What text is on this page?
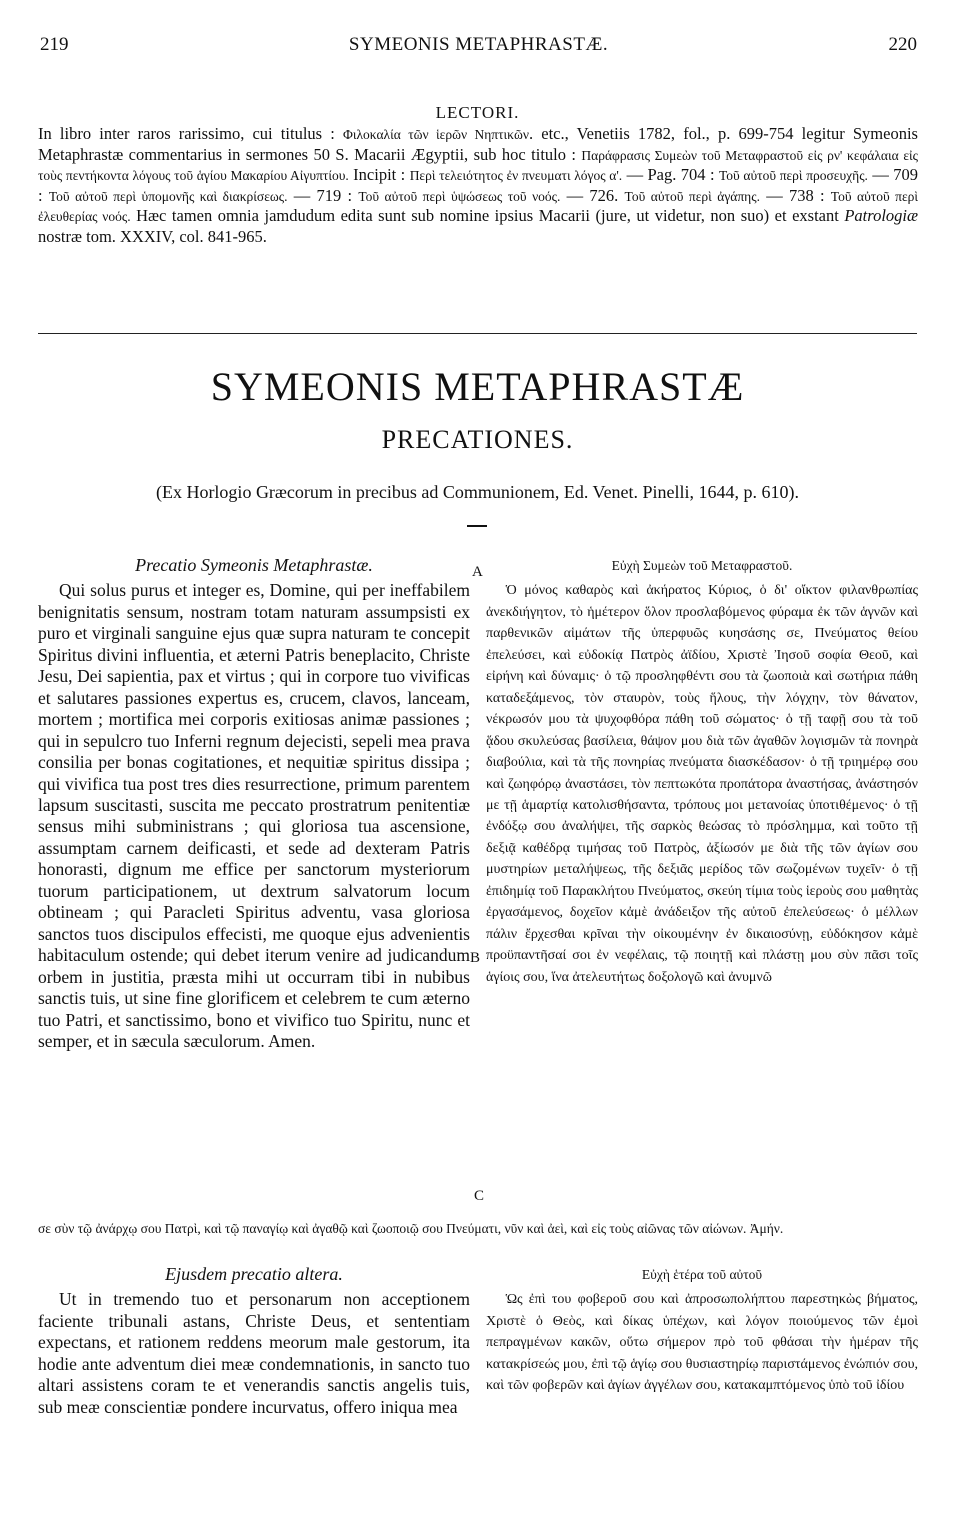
219	SYMEONIS METAPHRASTÆ.	220
LECTORI.

In libro inter raros rarissimo, cui titulus : Φιλοκαλία τῶν ἱερῶν Νηπτικῶν. etc., Venetiis 1782, fol., p. 699-754 legitur Symeonis Metaphrastæ commentarius in sermones 50 S. Macarii Ægyptii, sub hoc titulo : Παράφρασις Συμεὼν τοῦ Μεταφραστοῦ εἰς ρν' κεφάλαια εἰς τοὺς πεντήκοντα λόγους τοῦ ἁγίου Μακαρίου Αἰγυπτίου. Incipit : Περὶ τελειότητος ἐν πνευματι λόγος α'. — Pag. 704 : Τοῦ αὐτοῦ περὶ προσευχῆς. — 709 : Τοῦ αὐτοῦ περὶ ὑπομονῆς καὶ διακρίσεως. — 719 : Τοῦ αὐτοῦ περὶ ὑψώσεως τοῦ νοός. — 726. Τοῦ αὐτοῦ περὶ ἀγάπης. — 738 : Τοῦ αὐτοῦ περὶ ἐλευθερίας νοός. Hæc tamen omnia jamdudum edita sunt sub nomine ipsius Macarii (jure, ut videtur, non suo) et exstant Patrologiæ nostræ tom. XXXIV, col. 841-965.

SYMEONIS METAPHRASTÆ
PRECATIONES.
(Ex Horlogio Græcorum in precibus ad Communionem, Ed. Venet. Pinelli, 1644, p. 610).
A
B
C
Precatio Symeonis Metaphrastæ.

Qui solus purus et integer es, Domine, qui per ineffabilem benignitatis sensum, nostram totam naturam assumpsisti ex puro et virginali sanguine ejus quæ supra naturam te concepit Spiritus divini influentia, et æterni Patris beneplacito, Christe Jesu, Dei sapientia, pax et virtus ; qui in corpore tuo vivificas et salutares passiones expertus es, crucem, clavos, lanceam, mortem ; mortifica mei corporis exitiosas animæ passiones ; qui in sepulcro tuo Inferni regnum dejecisti, sepeli mea prava consilia per bonas cogitationes, et nequitiæ spiritus dissipa ; qui vivifica tua post tres dies resurrectione, primum parentem lapsum suscitasti, suscita me peccato prostratrum penitentiæ sensus mihi subministrans ; qui gloriosa tua ascensione, assumptam carnem deificasti, et sede ad dexteram Patris honorasti, dignum me effice per sanctorum mysteriorum tuorum participationem, ut dextrum salvatorum locum obtineam ; qui Paracleti Spiritus adventu, vasa gloriosa sanctos tuos discipulos effecisti, me quoque ejus advenientis habitaculum ostende; qui debet iterum venire ad judicandum orbem in justitia, præsta mihi ut occurram tibi in nubibus sanctis tuis, ut sine fine glorificem et celebrem te cum æterno tuo Patri, et sanctissimo, bono et vivifico tuo Spiritu, nunc et semper, et in sæcula sæculorum. Amen.

Εὐχὴ Συμεὼν τοῦ Μεταφραστοῦ.

Ὁ μόνος καθαρὸς καὶ ἀκήρατος Κύριος, ὁ δι' οἴκτον φιλανθρωπίας ἀνεκδιήγητον, τὸ ἡμέτερον ὅλον προσλαβόμενος φύραμα ἐκ τῶν ἁγνῶν καὶ παρθενικῶν αἱμάτων τῆς ὑπερφυῶς κυησάσης σε, Πνεύματος θείου ἐπελεύσει, καὶ εὐδοκίᾳ Πατρὸς ἀϊδίου, Χριστὲ Ἰησοῦ σοφία Θεοῦ, καὶ εἰρήνη καὶ δύναμις· ὁ τῷ προσληφθέντι σου τὰ ζωοποιὰ καὶ σωτήρια πάθη καταδεξάμενος, τὸν σταυρὸν, τοὺς ἥλους, τὴν λόγχην, τὸν θάνατον, νέκρωσόν μου τὰ ψυχοφθόρα πάθη τοῦ σώματος· ὁ τῇ ταφῇ σου τὰ τοῦ ᾅδου σκυλεύσας βασίλεια, θάψον μου διὰ τῶν ἀγαθῶν λογισμῶν τὰ πονηρὰ διαβούλια, καὶ τὰ τῆς πονηρίας πνεύματα διασκέδασον· ὁ τῇ τριημέρῳ σου καὶ ζωηφόρῳ ἀναστάσει, τὸν πεπτωκότα προπάτορα ἀναστήσας, ἀνάστησόν με τῇ ἁμαρτίᾳ κατολισθήσαντα, τρόπους μοι μετανοίας ὑποτιθέμενος· ὁ τῇ ἐνδόξῳ σου ἀναλήψει, τῆς σαρκὸς θεώσας τὸ πρόσλημμα, καὶ τοῦτο τῇ δεξιᾷ καθέδρᾳ τιμήσας τοῦ Πατρὸς, ἀξίωσόν με διὰ τῆς τῶν ἁγίων σου μυστηρίων μεταλήψεως, τῆς δεξιᾶς μερίδος τῶν σωζομένων τυχεῖν· ὁ τῇ ἐπιδημίᾳ τοῦ Παρακλήτου Πνεύματος, σκεύη τίμια τοὺς ἱεροὺς σου μαθητὰς ἐργασάμενος, δοχεῖον κἀμὲ ἀνάδειξον τῆς αὐτοῦ ἐπελεύσεως· ὁ μέλλων πάλιν ἔρχεσθαι κρῖναι τὴν οἰκουμένην ἐν δικαιοσύνῃ, εὐδόκησον κἀμὲ προϋπαντῆσαί σοι ἐν νεφέλαις, τῷ ποιητῇ καὶ πλάστῃ μου σὺν πᾶσι τοῖς ἁγίοις σου, ἵνα ἀτελευτήτως δοξολογῶ καὶ ἀνυμνῶ

σε σὺν τῷ ἀνάρχῳ σου Πατρὶ, καὶ τῷ παναγίῳ καὶ ἀγαθῷ καὶ ζωοποιῷ σου Πνεύματι, νῦν καὶ ἀεὶ, καὶ εἰς τοὺς αἰῶνας τῶν αἰώνων. Ἀμήν.

Ejusdem precatio altera.

Ut in tremendo tuo et personarum non acceptionem faciente tribunali astans, Christe Deus, et sententiam expectans, et rationem reddens meorum male gestorum, ita hodie ante adventum diei meæ condemnationis, in sancto tuo altari assistens coram te et venerandis sanctis angelis tuis, sub meæ conscientiæ pondere incurvatus, offero iniqua mea

Εὐχὴ ἑτέρα τοῦ αὐτοῦ

Ὡς ἐπὶ του φοβεροῦ σου καὶ ἀπροσωπολήπτου παρεστηκὼς βήματος, Χριστὲ ὁ Θεὸς, καὶ δίκας ὑπέχων, καὶ λόγον ποιούμενος τῶν ἐμοὶ πεπραγμένων κακῶν, οὕτω σήμερον πρὸ τοῦ φθάσαι τὴν ἡμέραν τῆς κατακρίσεώς μου, ἐπὶ τῷ ἁγίῳ σου θυσιαστηρίῳ παριστάμενος ἐνώπιόν σου, καὶ τῶν φοβερῶν καὶ ἁγίων ἀγγέλων σου, κατακαμπτόμενος ὑπὸ τοῦ ἰδίου
